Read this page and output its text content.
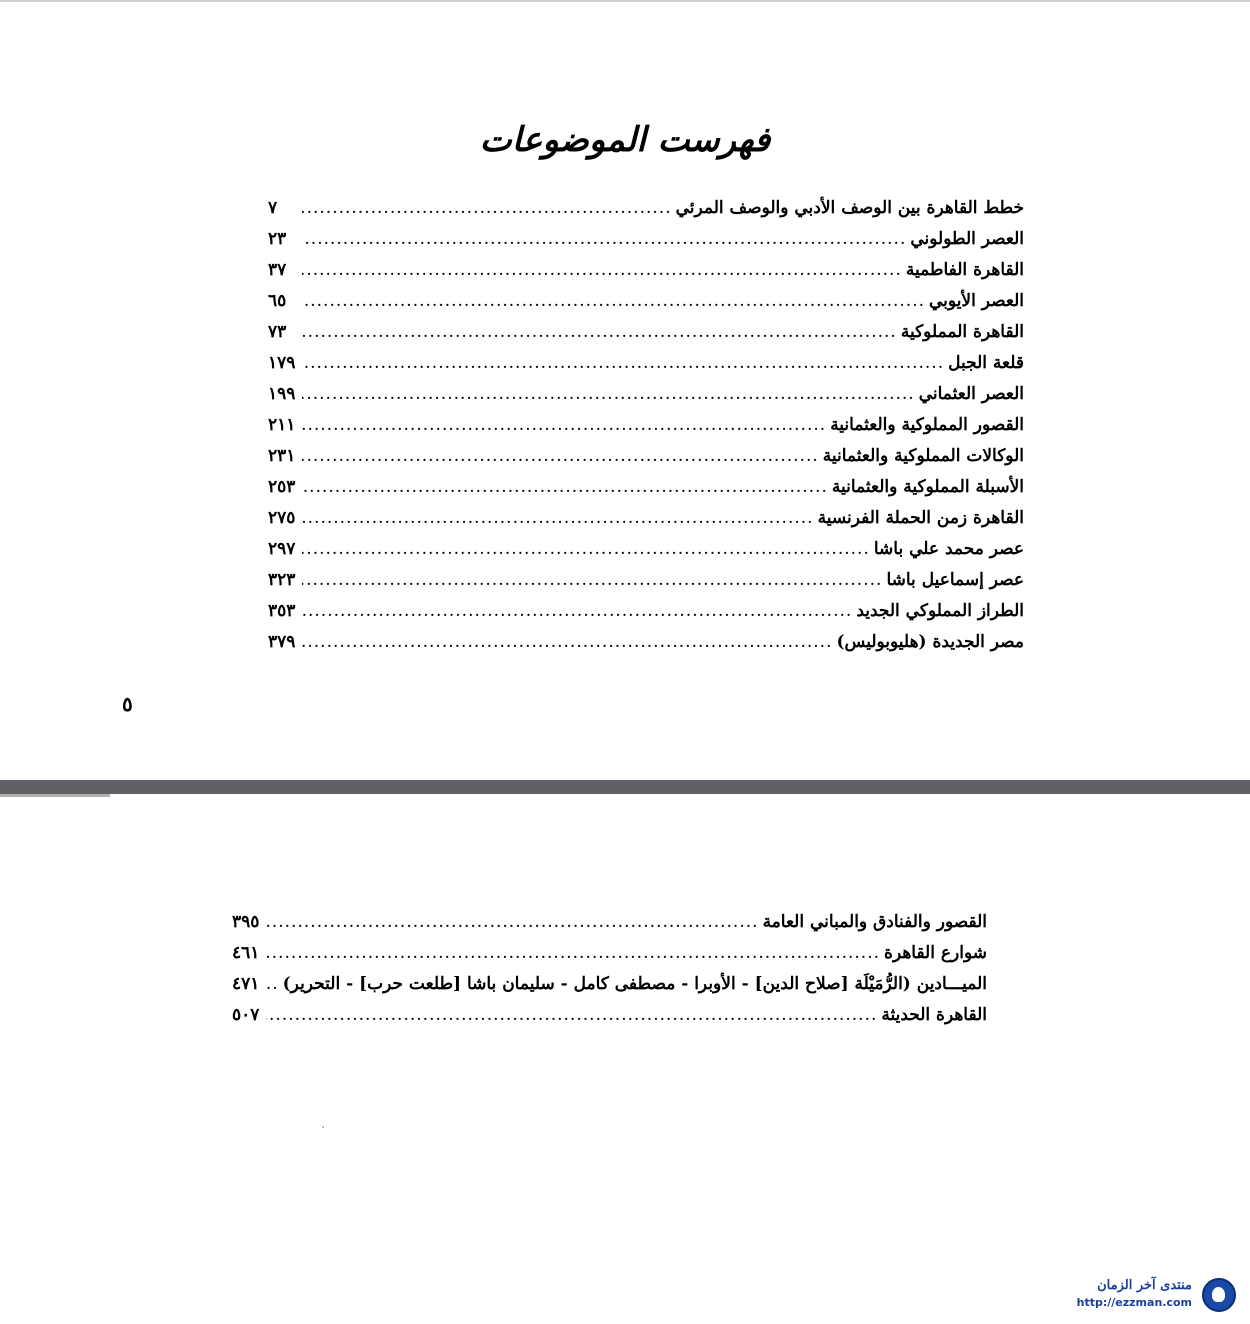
فهرست الموضوعات
خطط القاهرة بين الوصف الأدبي والوصف المرئي
.....
٧
العصر الطولوني
.....
٢٣
القاهرة الفاطمية
.....
٣٧
العصر الأيوبي
.....
٦٥
القاهرة المملوكية
.....
٧٣
قلعة الجبل
.....
١٧٩
العصر العثماني
.....
١٩٩
القصور المملوكية والعثمانية
.....
٢١١
الوكالات المملوكية والعثمانية
.....
٢٣١
الأسبلة المملوكية والعثمانية
.....
٢٥٣
القاهرة زمن الحملة الفرنسية
.....
٢٧٥
عصر محمد علي باشا
.....
٢٩٧
عصر إسماعيل باشا
.....
٣٢٣
الطراز المملوكي الجديد
.....
٣٥٣
مصر الجديدة (هليوبوليس)
.....
٣٧٩
٥
القصور والفنادق والمباني العامة
.....
٣٩٥
شوارع القاهرة
.....
٤٦١
الميـــادين (الرُّمَيْلَة [صلاح الدين] - الأوبرا - مصطفى كامل - سليمان باشا [طلعت حرب] - التحرير)
.....
٤٧١
القاهرة الحديثة
.....
٥٠٧
منتدى آخر الزمان
http://ezzman.com
